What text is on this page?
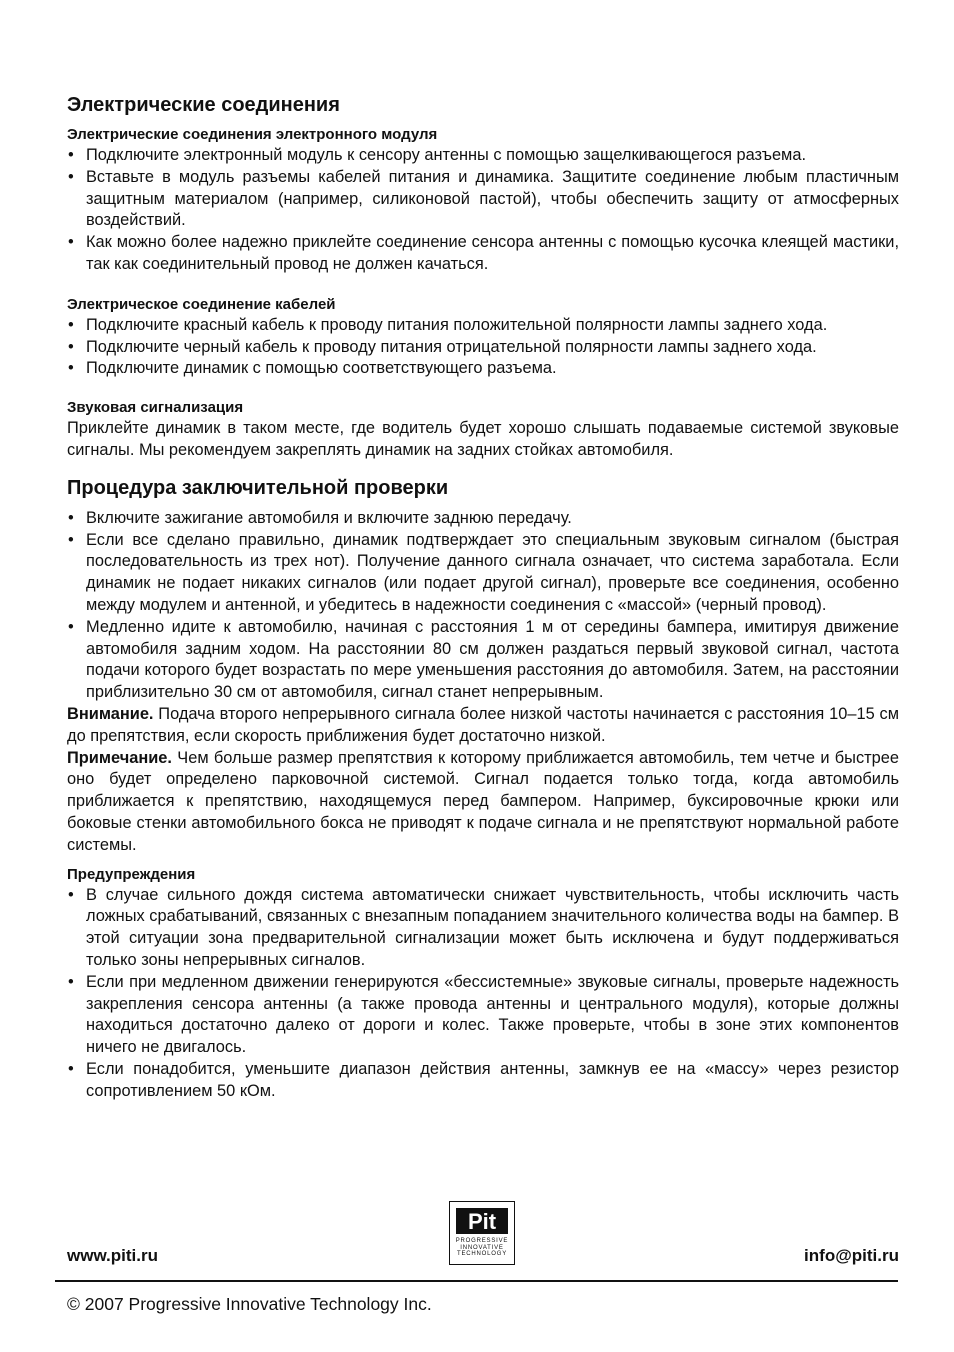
Электрические соединения
Электрические соединения электронного модуля
• Подключите электронный модуль к сенсору антенны с помощью защелкивающегося разъема.
• Вставьте в модуль разъемы кабелей питания и динамика. Защитите соединение любым пластичным защитным материалом (например, силиконовой пастой), чтобы обеспечить защиту от атмосферных воздействий.
• Как можно более надежно приклейте соединение сенсора антенны с помощью кусочка клеящей мастики, так как соединительный провод не должен качаться.
Электрическое соединение кабелей
• Подключите красный кабель к проводу питания положительной полярности лампы заднего хода.
• Подключите черный кабель к проводу питания отрицательной полярности лампы заднего хода.
• Подключите динамик с помощью соответствующего разъема.
Звуковая сигнализация

Приклейте динамик в таком месте, где водитель будет хорошо слышать подаваемые системой звуковые сигналы. Мы рекомендуем закреплять динамик на задних стойках автомобиля.

Процедура заключительной проверки
• Включите зажигание автомобиля и включите заднюю передачу.
• Если все сделано правильно, динамик подтверждает это специальным звуковым сигналом (быстрая последовательность из трех нот). Получение данного сигнала означает, что система заработала. Если динамик не подает никаких сигналов (или подает другой сигнал), проверьте все соединения, особенно между модулем и антенной, и убедитесь в надежности соединения с «массой» (черный провод).
• Медленно идите к автомобилю, начиная с расстояния 1 м от середины бампера, имитируя движение автомобиля задним ходом. На расстоянии 80 см должен раздаться первый звуковой сигнал, частота подачи которого будет возрастать по мере уменьшения расстояния до автомобиля. Затем, на расстоянии приблизительно 30 см от автомобиля, сигнал станет непрерывным.

Внимание. Подача второго непрерывного сигнала более низкой частоты начинается с расстояния 10–15 см до препятствия, если скорость приближения будет достаточно низкой.

Примечание. Чем больше размер препятствия к которому приближается автомобиль, тем четче и быстрее оно будет определено парковочной системой. Сигнал подается только тогда, когда автомобиль приближается к препятствию, находящемуся перед бампером. Например, буксировочные крюки или боковые стенки автомобильного бокса не приводят к подаче сигнала и не препятствуют нормальной работе системы.

Предупреждения
• В случае сильного дождя система автоматически снижает чувствительность, чтобы исключить часть ложных срабатываний, связанных с внезапным попаданием значительного количества воды на бампер. В этой ситуации зона предварительной сигнализации может быть исключена и будут поддерживаться только зоны непрерывных сигналов.
• Если при медленном движении генерируются «бессистемные» звуковые сигналы, проверьте надежность закрепления сенсора антенны (а также провода антенны и центрального модуля), которые должны находиться достаточно далеко от дороги и колес. Также проверьте, чтобы в зоне этих компонентов ничего не двигалось.
• Если понадобится, уменьшите диапазон действия антенны, замкнув ее на «массу» через резистор сопротивлением 50 кОм.
www.piti.ru
Pit
PROGRESSIVE
INNOVATIVE
TECHNOLOGY	info@piti.ru
© 2007 Progressive Innovative Technology Inc.
